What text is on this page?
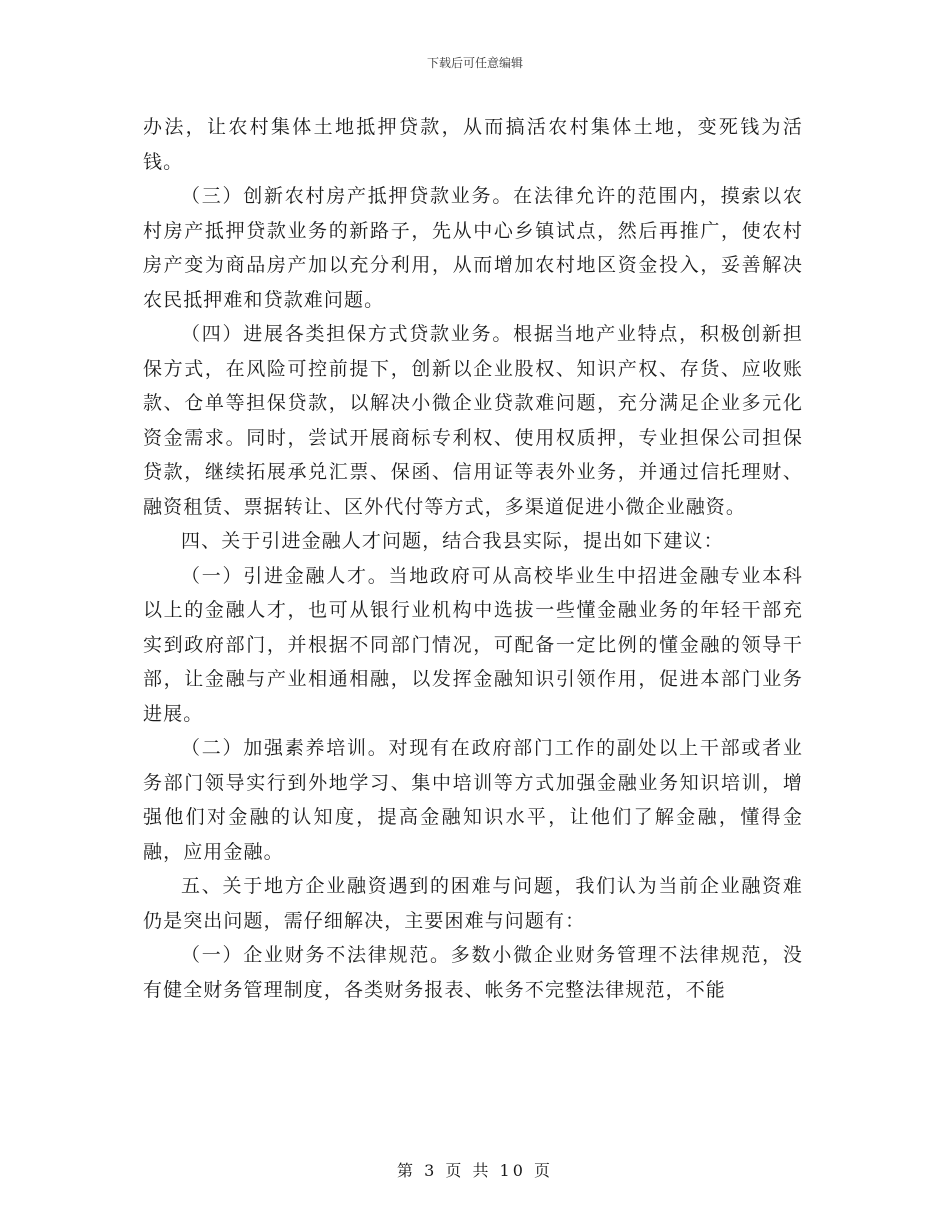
下载后可任意编辑

办法，让农村集体土地抵押贷款，从而搞活农村集体土地，变死钱为活钱。

（三）创新农村房产抵押贷款业务。在法律允许的范围内，摸索以农村房产抵押贷款业务的新路子，先从中心乡镇试点，然后再推广，使农村房产变为商品房产加以充分利用，从而增加农村地区资金投入，妥善解决农民抵押难和贷款难问题。

（四）进展各类担保方式贷款业务。根据当地产业特点，积极创新担保方式，在风险可控前提下，创新以企业股权、知识产权、存货、应收账款、仓单等担保贷款，以解决小微企业贷款难问题，充分满足企业多元化资金需求。同时，尝试开展商标专利权、使用权质押，专业担保公司担保贷款，继续拓展承兑汇票、保函、信用证等表外业务，并通过信托理财、融资租赁、票据转让、区外代付等方式，多渠道促进小微企业融资。

四、关于引进金融人才问题，结合我县实际，提出如下建议：

（一）引进金融人才。当地政府可从高校毕业生中招进金融专业本科以上的金融人才，也可从银行业机构中选拔一些懂金融业务的年轻干部充实到政府部门，并根据不同部门情况，可配备一定比例的懂金融的领导干部，让金融与产业相通相融，以发挥金融知识引领作用，促进本部门业务进展。

（二）加强素养培训。对现有在政府部门工作的副处以上干部或者业务部门领导实行到外地学习、集中培训等方式加强金融业务知识培训，增强他们对金融的认知度，提高金融知识水平，让他们了解金融，懂得金融，应用金融。

五、关于地方企业融资遇到的困难与问题，我们认为当前企业融资难仍是突出问题，需仔细解决，主要困难与问题有：

（一）企业财务不法律规范。多数小微企业财务管理不法律规范，没有健全财务管理制度，各类财务报表、帐务不完整法律规范，不能

第 3 页 共 10 页
